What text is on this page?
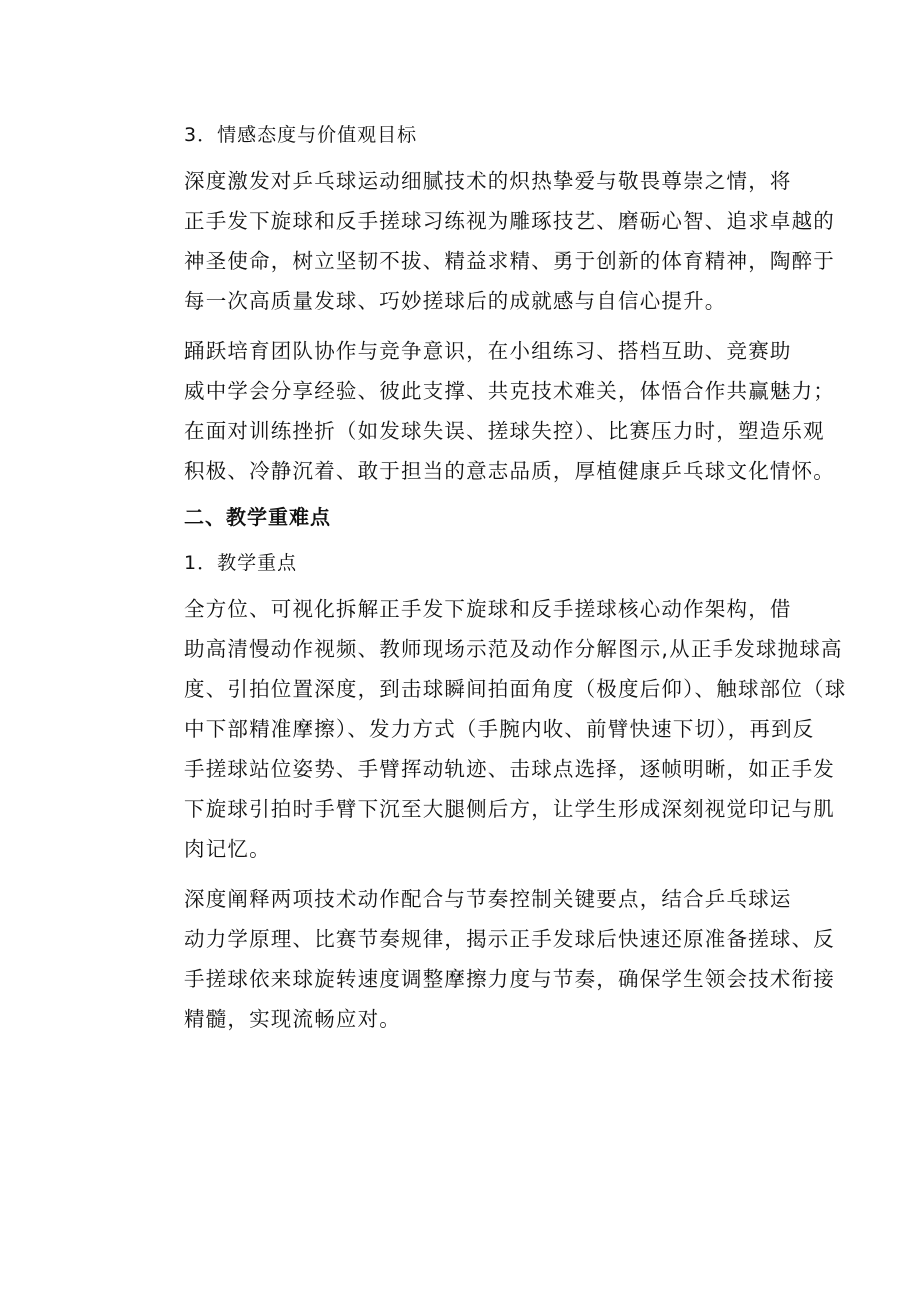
3．情感态度与价值观目标

深度激发对乒乓球运动细腻技术的炽热挚爱与敬畏尊崇之情，将
正手发下旋球和反手搓球习练视为雕琢技艺、磨砺心智、追求卓越的
神圣使命，树立坚韧不拔、精益求精、勇于创新的体育精神，陶醉于
每一次高质量发球、巧妙搓球后的成就感与自信心提升。

踊跃培育团队协作与竞争意识，在小组练习、搭档互助、竞赛助
威中学会分享经验、彼此支撑、共克技术难关，体悟合作共赢魅力；
在面对训练挫折（如发球失误、搓球失控）、比赛压力时，塑造乐观
积极、冷静沉着、敢于担当的意志品质，厚植健康乒乓球文化情怀。

二、教学重难点

1．教学重点

全方位、可视化拆解正手发下旋球和反手搓球核心动作架构，借
助高清慢动作视频、教师现场示范及动作分解图示,从正手发球抛球高
度、引拍位置深度，到击球瞬间拍面角度（极度后仰）、触球部位（球
中下部精准摩擦）、发力方式（手腕内收、前臂快速下切），再到反
手搓球站位姿势、手臂挥动轨迹、击球点选择，逐帧明晰，如正手发
下旋球引拍时手臂下沉至大腿侧后方，让学生形成深刻视觉印记与肌
肉记忆。

深度阐释两项技术动作配合与节奏控制关键要点，结合乒乓球运
动力学原理、比赛节奏规律，揭示正手发球后快速还原准备搓球、反
手搓球依来球旋转速度调整摩擦力度与节奏，确保学生领会技术衔接
精髓，实现流畅应对。
